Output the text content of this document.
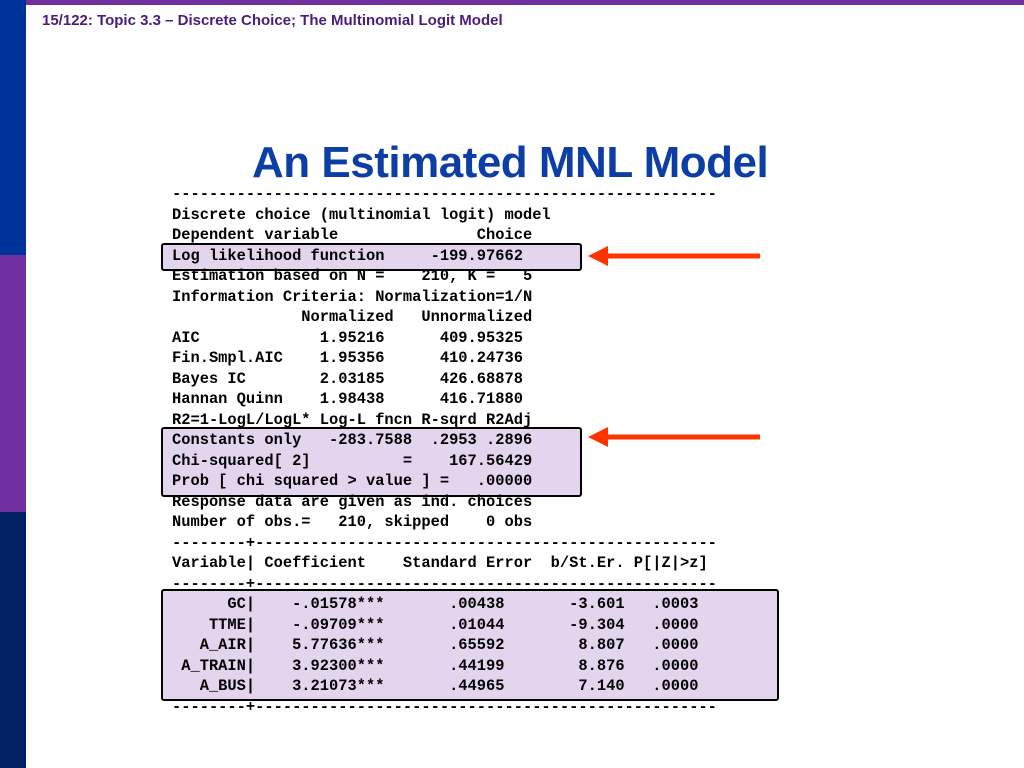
15/122: Topic 3.3 – Discrete Choice; The Multinomial Logit Model
An Estimated MNL Model
-----------------------------------------------------------
Discrete choice (multinomial logit) model
Dependent variable               Choice
Log likelihood function     -199.97662
Estimation based on N =    210, K =   5
Information Criteria: Normalization=1/N
Normalized   Unnormalized
AIC             1.95216      409.95325
Fin.Smpl.AIC    1.95356      410.24736
Bayes IC        2.03185      426.68878
Hannan Quinn    1.98438      416.71880
R2=1-LogL/LogL* Log-L fncn R-sqrd R2Adj
Constants only   -283.7588  .2953 .2896
Chi-squared[ 2]          =    167.56429
Prob [ chi squared > value ] =   .00000
Response data are given as ind. choices
Number of obs.=   210, skipped    0 obs
--------+--------------------------------------------------
Variable| Coefficient    Standard Error  b/St.Er. P[|Z|>z]
--------+--------------------------------------------------
GC|    -.01578***       .00438       -3.601   .0003
TTME|    -.09709***       .01044       -9.304   .0000
A_AIR|    5.77636***       .65592        8.807   .0000
A_TRAIN|    3.92300***       .44199        8.876   .0000
A_BUS|    3.21073***       .44965        7.140   .0000
--------+--------------------------------------------------
